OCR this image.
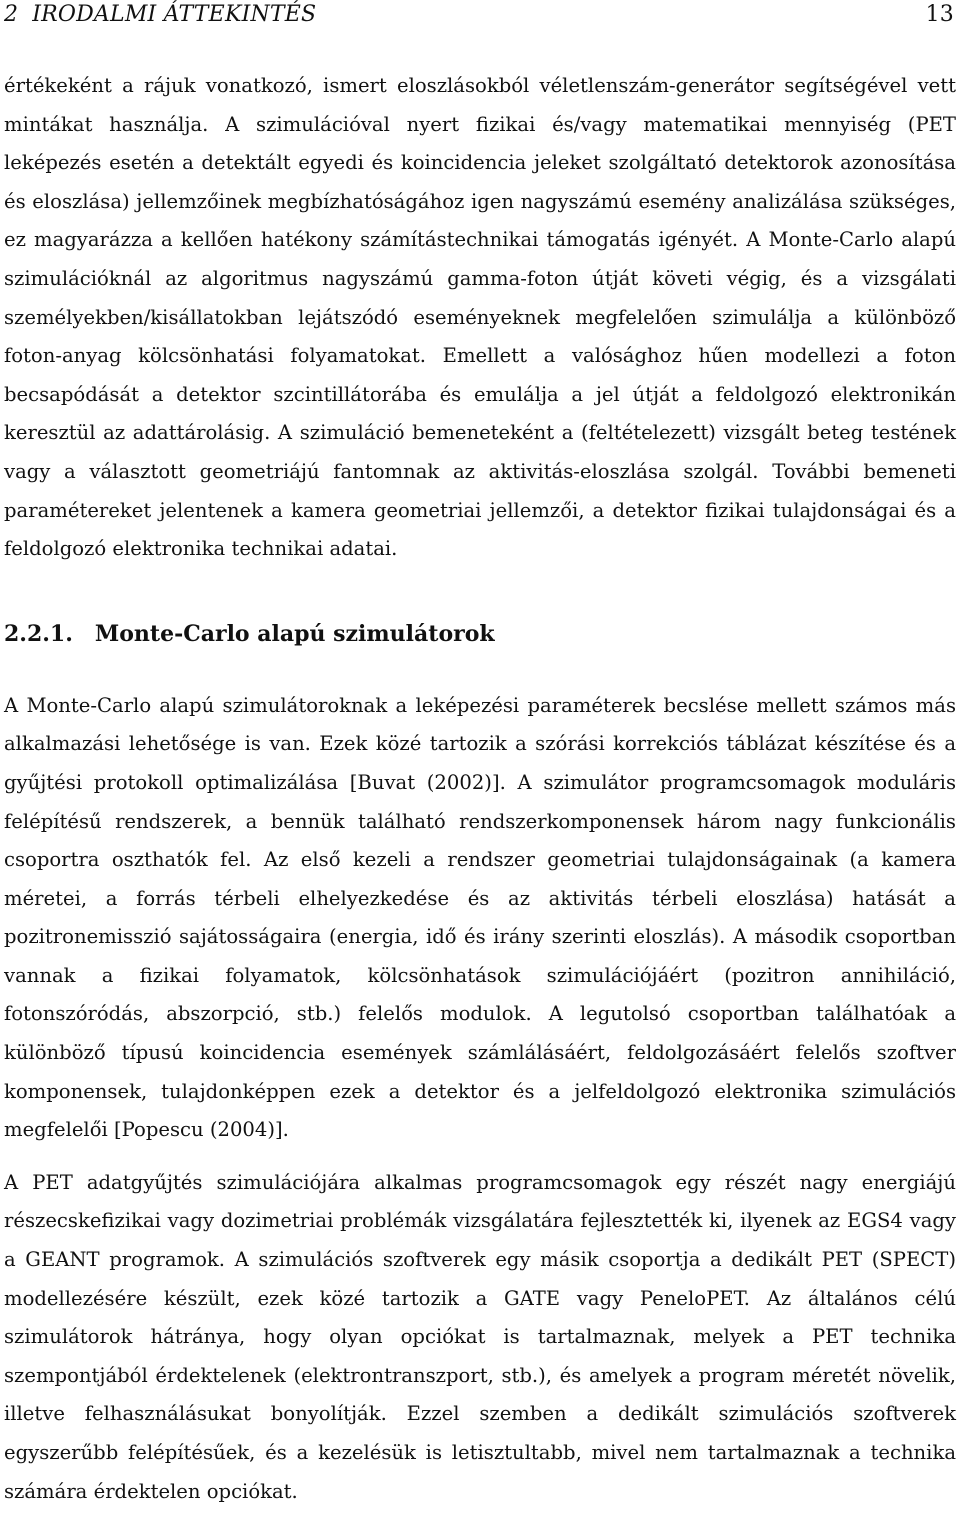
2 IRODALMI ÁTTEKINTÉS	13

értékeként a rájuk vonatkozó, ismert eloszlásokból véletlenszám-generátor segítségével vett mintákat használja. A szimulációval nyert fizikai és/vagy matematikai mennyiség (PET leképezés esetén a detektált egyedi és koincidencia jeleket szolgáltató detektorok azonosítása és eloszlása) jellemzőinek megbízhatóságához igen nagyszámú esemény analizálása szükséges, ez magyarázza a kellően hatékony számítástechnikai támogatás igényét. A Monte-Carlo alapú szimulációknál az algoritmus nagyszámú gamma-foton útját követi végig, és a vizsgálati személyekben/kisállatokban lejátszódó eseményeknek megfelelően szimulálja a különböző foton-anyag kölcsönhatási folyamatokat. Emellett a valósághoz hűen modellezi a foton becsapódását a detektor szcintillátorába és emulálja a jel útját a feldolgozó elektronikán keresztül az adattárolásig. A szimuláció bemeneteként a (feltételezett) vizsgált beteg testének vagy a választott geometriájú fantomnak az aktivitás-eloszlása szolgál. További bemeneti paramétereket jelentenek a kamera geometriai jellemzői, a detektor fizikai tulajdonságai és a feldolgozó elektronika technikai adatai.

2.2.1. Monte-Carlo alapú szimulátorok

A Monte-Carlo alapú szimulátoroknak a leképezési paraméterek becslése mellett számos más alkalmazási lehetősége is van. Ezek közé tartozik a szórási korrekciós táblázat készítése és a gyűjtési protokoll optimalizálása [Buvat (2002)]. A szimulátor programcsomagok moduláris felépítésű rendszerek, a bennük található rendszerkomponensek három nagy funkcionális csoportra oszthatók fel. Az első kezeli a rendszer geometriai tulajdonságainak (a kamera méretei, a forrás térbeli elhelyezkedése és az aktivitás térbeli eloszlása) hatását a pozitronemisszió sajátosságaira (energia, idő és irány szerinti eloszlás). A második csoportban vannak a fizikai folyamatok, kölcsönhatások szimulációjáért (pozitron annihiláció, fotonszóródás, abszorpció, stb.) felelős modulok. A legutolsó csoportban találhatóak a különböző típusú koincidencia események számlálásáért, feldolgozásáért felelős szoftver komponensek, tulajdonképpen ezek a detektor és a jelfeldolgozó elektronika szimulációs megfelelői [Popescu (2004)].

A PET adatgyűjtés szimulációjára alkalmas programcsomagok egy részét nagy energiájú részecskefizikai vagy dozimetriai problémák vizsgálatára fejlesztették ki, ilyenek az EGS4 vagy a GEANT programok. A szimulációs szoftverek egy másik csoportja a dedikált PET (SPECT) modellezésére készült, ezek közé tartozik a GATE vagy PeneloPET. Az általános célú szimulátorok hátránya, hogy olyan opciókat is tartalmaznak, melyek a PET technika szempontjából érdektelenek (elektrontranszport, stb.), és amelyek a program méretét növelik, illetve felhasználásukat bonyolítják. Ezzel szemben a dedikált szimulációs szoftverek egyszerűbb felépítésűek, és a kezelésük is letisztultabb, mivel nem tartalmaznak a technika számára érdektelen opciókat.
